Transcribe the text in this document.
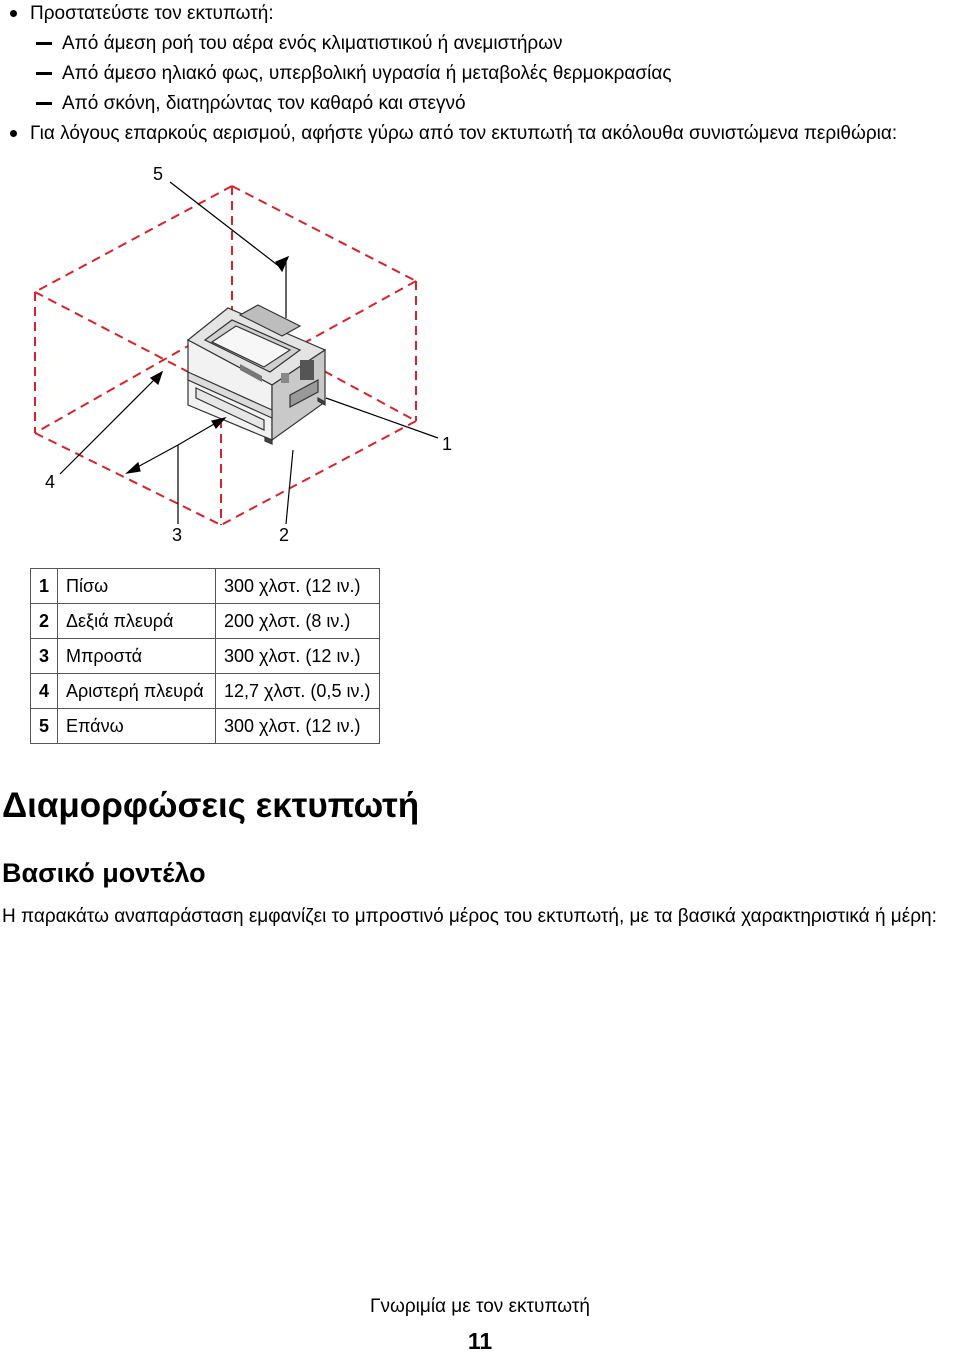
Προστατεύστε τον εκτυπωτή:
Από άμεση ροή του αέρα ενός κλιματιστικού ή ανεμιστήρων
Από άμεσο ηλιακό φως, υπερβολική υγρασία ή μεταβολές θερμοκρασίας
Από σκόνη, διατηρώντας τον καθαρό και στεγνό
Για λόγους επαρκούς αερισμού, αφήστε γύρω από τον εκτυπωτή τα ακόλουθα συνιστώμενα περιθώρια:
5
1
4
3	2
1	Πίσω	300 χλστ. (12 ιν.)
2	Δεξιά πλευρά	200 χλστ. (8 ιν.)
3	Μπροστά	300 χλστ. (12 ιν.)
4	Αριστερή πλευρά	12,7 χλστ. (0,5 ιν.)
5	Επάνω	300 χλστ. (12 ιν.)
Διαμορφώσεις εκτυπωτή
Βασικό μοντέλο
Η παρακάτω αναπαράσταση εμφανίζει το μπροστινό μέρος του εκτυπωτή, με τα βασικά χαρακτηριστικά ή μέρη:
Γνωριμία με τον εκτυπωτή
11
